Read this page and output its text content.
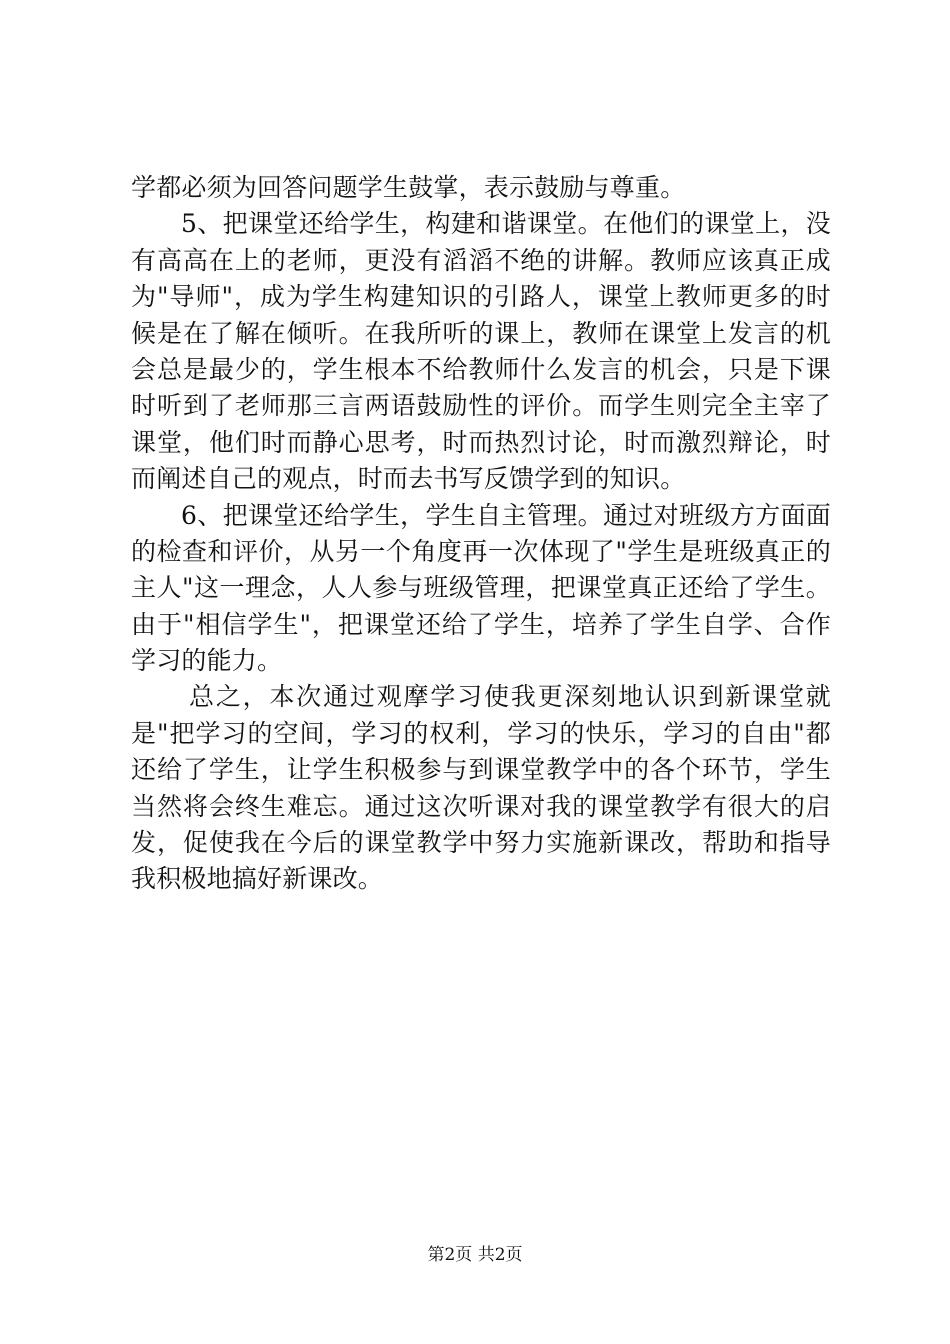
学都必须为回答问题学生鼓掌，表示鼓励与尊重。

5、把课堂还给学生，构建和谐课堂。在他们的课堂上，没

有高高在上的老师，更没有滔滔不绝的讲解。教师应该真正成

为"导师"，成为学生构建知识的引路人，课堂上教师更多的时

候是在了解在倾听。在我所听的课上，教师在课堂上发言的机

会总是最少的，学生根本不给教师什么发言的机会，只是下课

时听到了老师那三言两语鼓励性的评价。而学生则完全主宰了

课堂，他们时而静心思考，时而热烈讨论，时而激烈辩论，时

而阐述自己的观点，时而去书写反馈学到的知识。

6、把课堂还给学生，学生自主管理。通过对班级方方面面

的检查和评价，从另一个角度再一次体现了"学生是班级真正的

主人"这一理念，人人参与班级管理，把课堂真正还给了学生。

由于"相信学生"，把课堂还给了学生，培养了学生自学、合作

学习的能力。

总之，本次通过观摩学习使我更深刻地认识到新课堂就

是"把学习的空间，学习的权利，学习的快乐，学习的自由"都

还给了学生，让学生积极参与到课堂教学中的各个环节，学生

当然将会终生难忘。通过这次听课对我的课堂教学有很大的启

发，促使我在今后的课堂教学中努力实施新课改，帮助和指导

我积极地搞好新课改。

第2页 共2页
